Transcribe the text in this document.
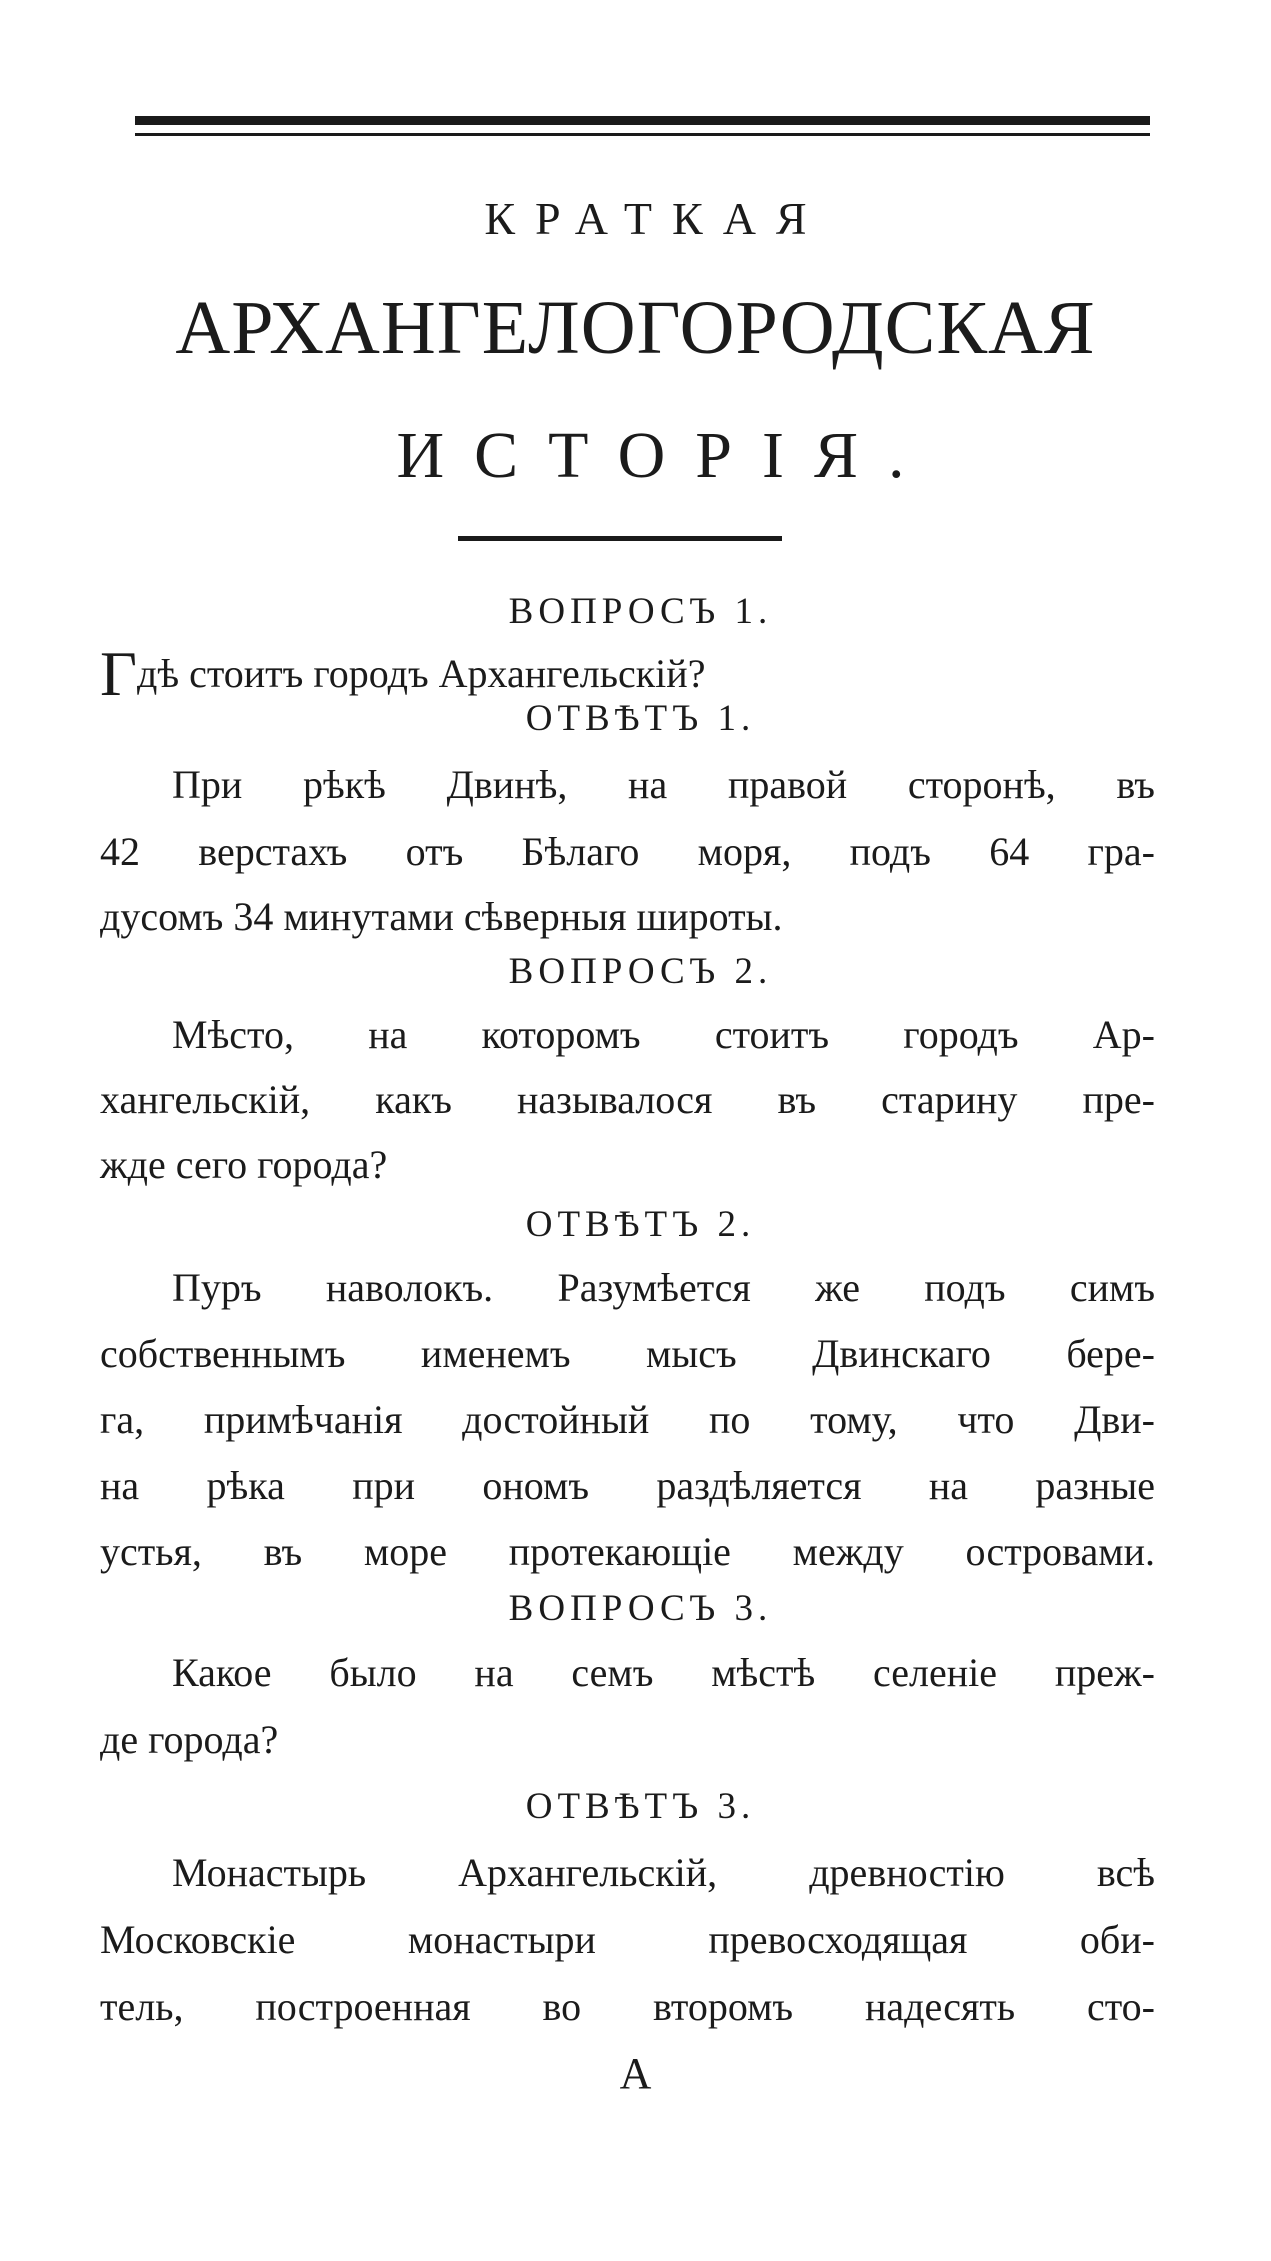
КРАТКАЯ
АРХАНГЕЛОГОРОДСКАЯ
ИСТОРІЯ.
ВОПРОСЪ 1.
Гдѣ стоитъ городъ Архангельскій?
ОТВѢТЪ 1.
При рѣкѣ Двинѣ, на правой сторонѣ, въ
42 верстахъ отъ Бѣлаго моря, подъ 64 гра-
дусомъ 34 минутами сѣверныя широты.
ВОПРОСЪ 2.
Мѣсто, на которомъ стоитъ городъ Ар-
хангельскій, какъ называлося въ старину пре-
жде сего города?
ОТВѢТЪ 2.
Пуръ наволокъ. Разумѣется же подъ симъ
собственнымъ именемъ мысъ Двинскаго бере-
га, примѣчанія достойный по тому, что Дви-
на рѣка при ономъ раздѣляется на разные
устья, въ море протекающіе между островами.
ВОПРОСЪ 3.
Какое было на семъ мѣстѣ селеніе преж-
де города?
ОТВѢТЪ 3.
Монастырь Архангельскій, древностію всѣ
Московскіе монастыри превосходящая оби-
тель, построенная во второмъ надесять сто-
А
